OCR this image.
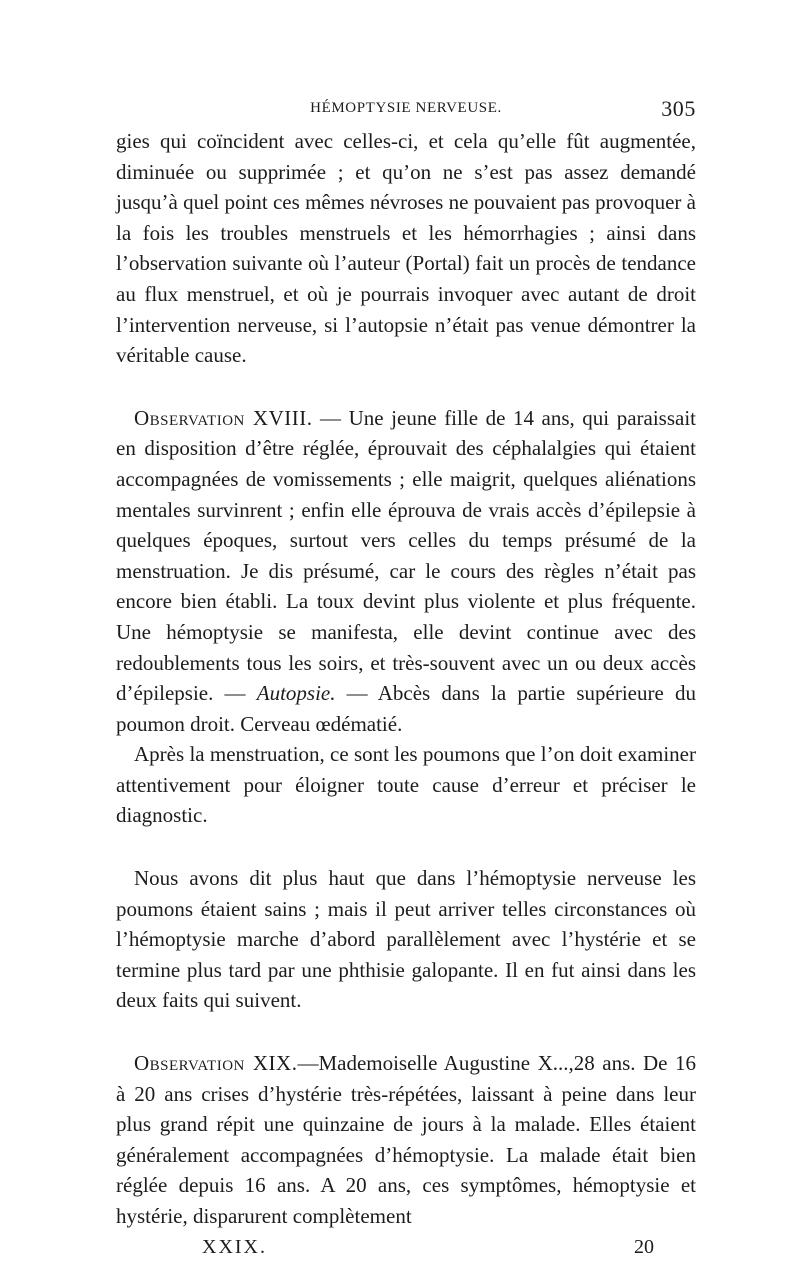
HÉMOPTYSIE NERVEUSE.	305

gies qui coïncident avec celles-ci, et cela qu’elle fût augmentée, diminuée ou supprimée ; et qu’on ne s’est pas assez demandé jusqu’à quel point ces mêmes névroses ne pouvaient pas provoquer à la fois les troubles menstruels et les hémorrhagies ; ainsi dans l’observation suivante où l’auteur (Portal) fait un procès de tendance au flux menstruel, et où je pourrais invoquer avec autant de droit l’intervention nerveuse, si l’autopsie n’était pas venue démontrer la véritable cause.

Observation XVIII. — Une jeune fille de 14 ans, qui paraissait en disposition d’être réglée, éprouvait des céphalalgies qui étaient accompagnées de vomissements ; elle maigrit, quelques aliénations mentales survinrent ; enfin elle éprouva de vrais accès d’épilepsie à quelques époques, surtout vers celles du temps présumé de la menstruation. Je dis présumé, car le cours des règles n’était pas encore bien établi. La toux devint plus violente et plus fréquente. Une hémoptysie se manifesta, elle devint continue avec des redoublements tous les soirs, et très-souvent avec un ou deux accès d’épilepsie. — Autopsie. — Abcès dans la partie supérieure du poumon droit. Cerveau œdématié.

Après la menstruation, ce sont les poumons que l’on doit examiner attentivement pour éloigner toute cause d’erreur et préciser le diagnostic.

Nous avons dit plus haut que dans l’hémoptysie nerveuse les poumons étaient sains ; mais il peut arriver telles circonstances où l’hémoptysie marche d’abord parallèlement avec l’hystérie et se termine plus tard par une phthisie galopante. Il en fut ainsi dans les deux faits qui suivent.

Observation XIX.—Mademoiselle Augustine X...,28 ans. De 16 à 20 ans crises d’hystérie très-répétées, laissant à peine dans leur plus grand répit une quinzaine de jours à la malade. Elles étaient généralement accompagnées d’hémoptysie. La malade était bien réglée depuis 16 ans. A 20 ans, ces symptômes, hémoptysie et hystérie, disparurent complètement

XXIX.	20
